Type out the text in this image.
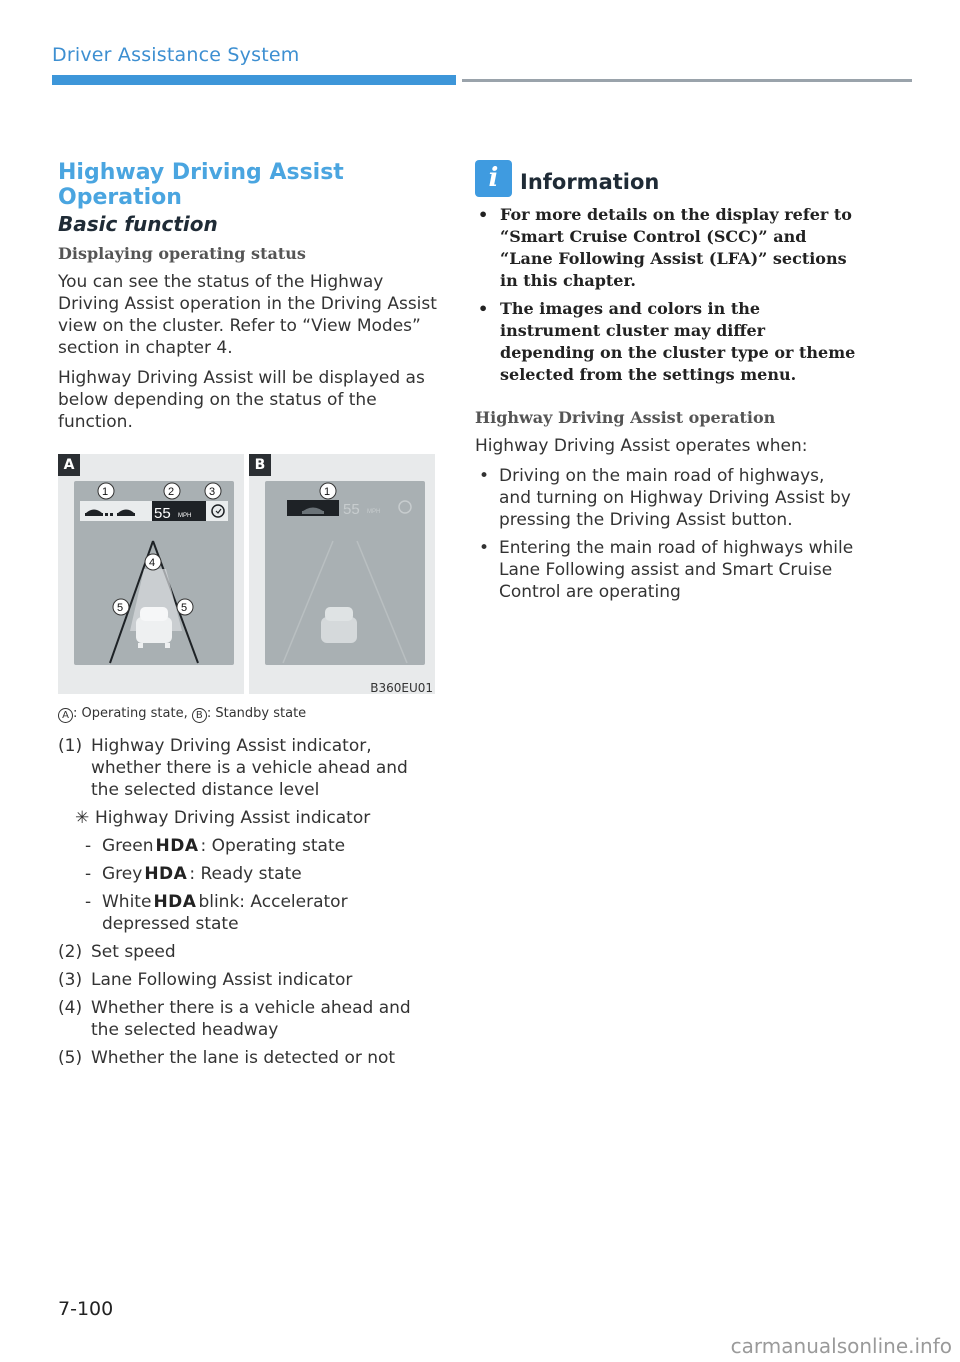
Driver Assistance System
Highway Driving Assist Operation
Basic function
Displaying operating status

You can see the status of the Highway Driving Assist operation in the Driving Assist view on the cluster. Refer to “View Modes” section in chapter 4.

Highway Driving Assist will be displayed as below depending on the status of the function.

A
55 MPH
1	2	3
4
5	5
B
55 MPH
1
B360EU01
A : Operating state, B : Standby state
(1) Highway Driving Assist indicator, whether there is a vehicle ahead and the selected distance level
✳ Highway Driving Assist indicator
- Green HDA : Operating state
- Grey HDA : Ready state
- White HDA blink: Accelerator depressed state
(2) Set speed
(3) Lane Following Assist indicator
(4) Whether there is a vehicle ahead and the selected headway
(5) Whether the lane is detected or not
i	Information
• For more details on the display refer to “Smart Cruise Control (SCC)” and “Lane Following Assist (LFA)” sections in this chapter.
• The images and colors in the instrument cluster may differ depending on the cluster type or theme selected from the settings menu.
Highway Driving Assist operation

Highway Driving Assist operates when:

• Driving on the main road of highways, and turning on Highway Driving Assist by pressing the Driving Assist button.
• Entering the main road of highways while Lane Following assist and Smart Cruise Control are operating
7-100
carmanualsonline.info
